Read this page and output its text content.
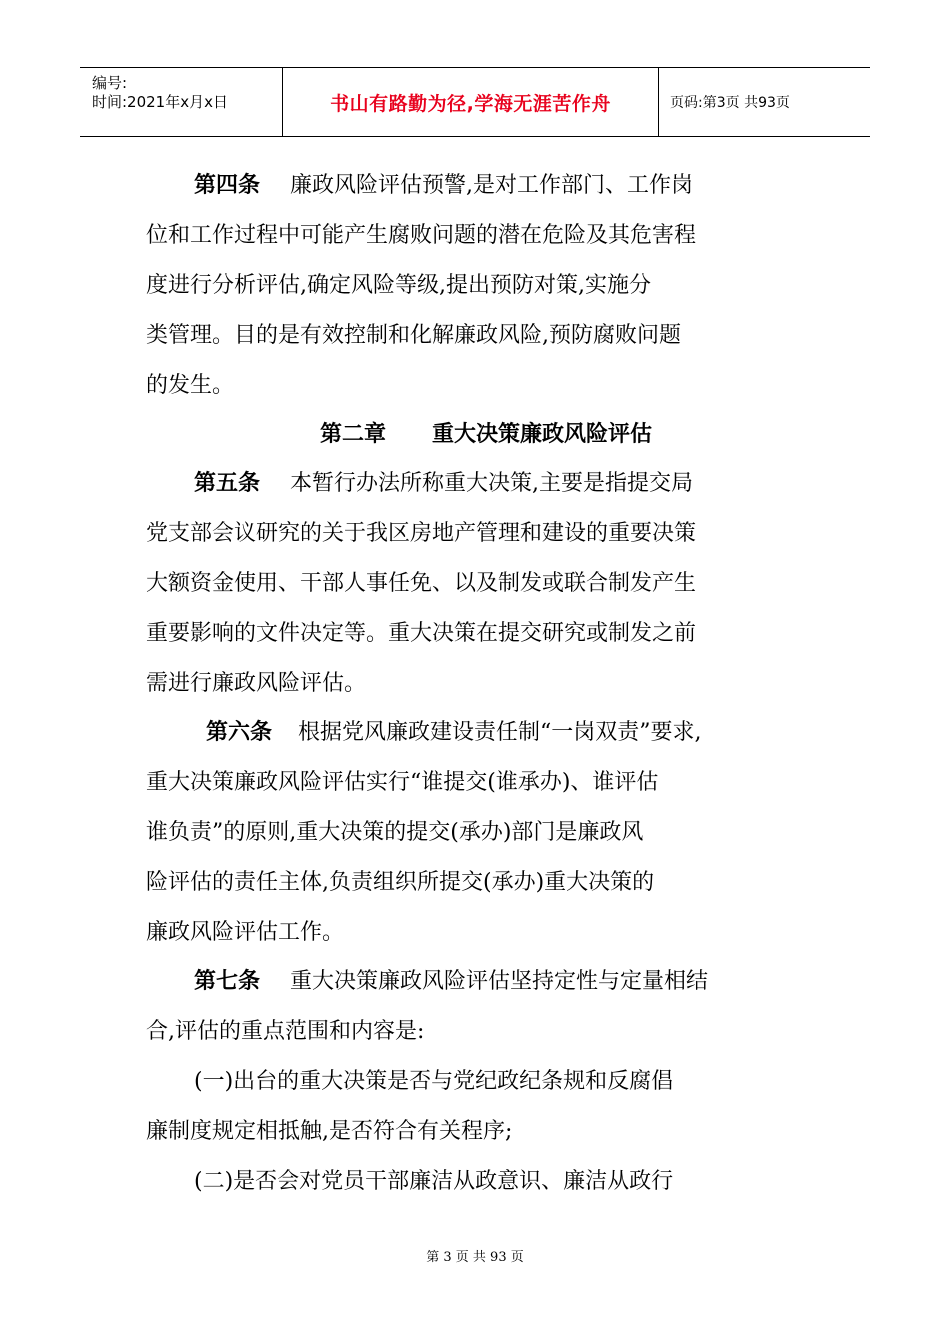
编号:
时间:2021年x月x日	书山有路勤为径,学海无涯苦作舟	页码:第3页 共93页
第四条 廉政风险评估预警,是对工作部门、工作岗
位和工作过程中可能产生腐败问题的潜在危险及其危害程
度进行分析评估,确定风险等级,提出预防对策,实施分
类管理。目的是有效控制和化解廉政风险,预防腐败问题
的发生。
第二章      重大决策廉政风险评估
第五条 本暂行办法所称重大决策,主要是指提交局
党支部会议研究的关于我区房地产管理和建设的重要决策
大额资金使用、干部人事任免、以及制发或联合制发产生
重要影响的文件决定等。重大决策在提交研究或制发之前
需进行廉政风险评估。
第六条 根据党风廉政建设责任制“一岗双责”要求,
重大决策廉政风险评估实行“谁提交(谁承办)、谁评估
谁负责”的原则,重大决策的提交(承办)部门是廉政风
险评估的责任主体,负责组织所提交(承办)重大决策的
廉政风险评估工作。
第七条 重大决策廉政风险评估坚持定性与定量相结
合,评估的重点范围和内容是:
(一)出台的重大决策是否与党纪政纪条规和反腐倡
廉制度规定相抵触,是否符合有关程序;
(二)是否会对党员干部廉洁从政意识、廉洁从政行
第 3 页 共 93 页
